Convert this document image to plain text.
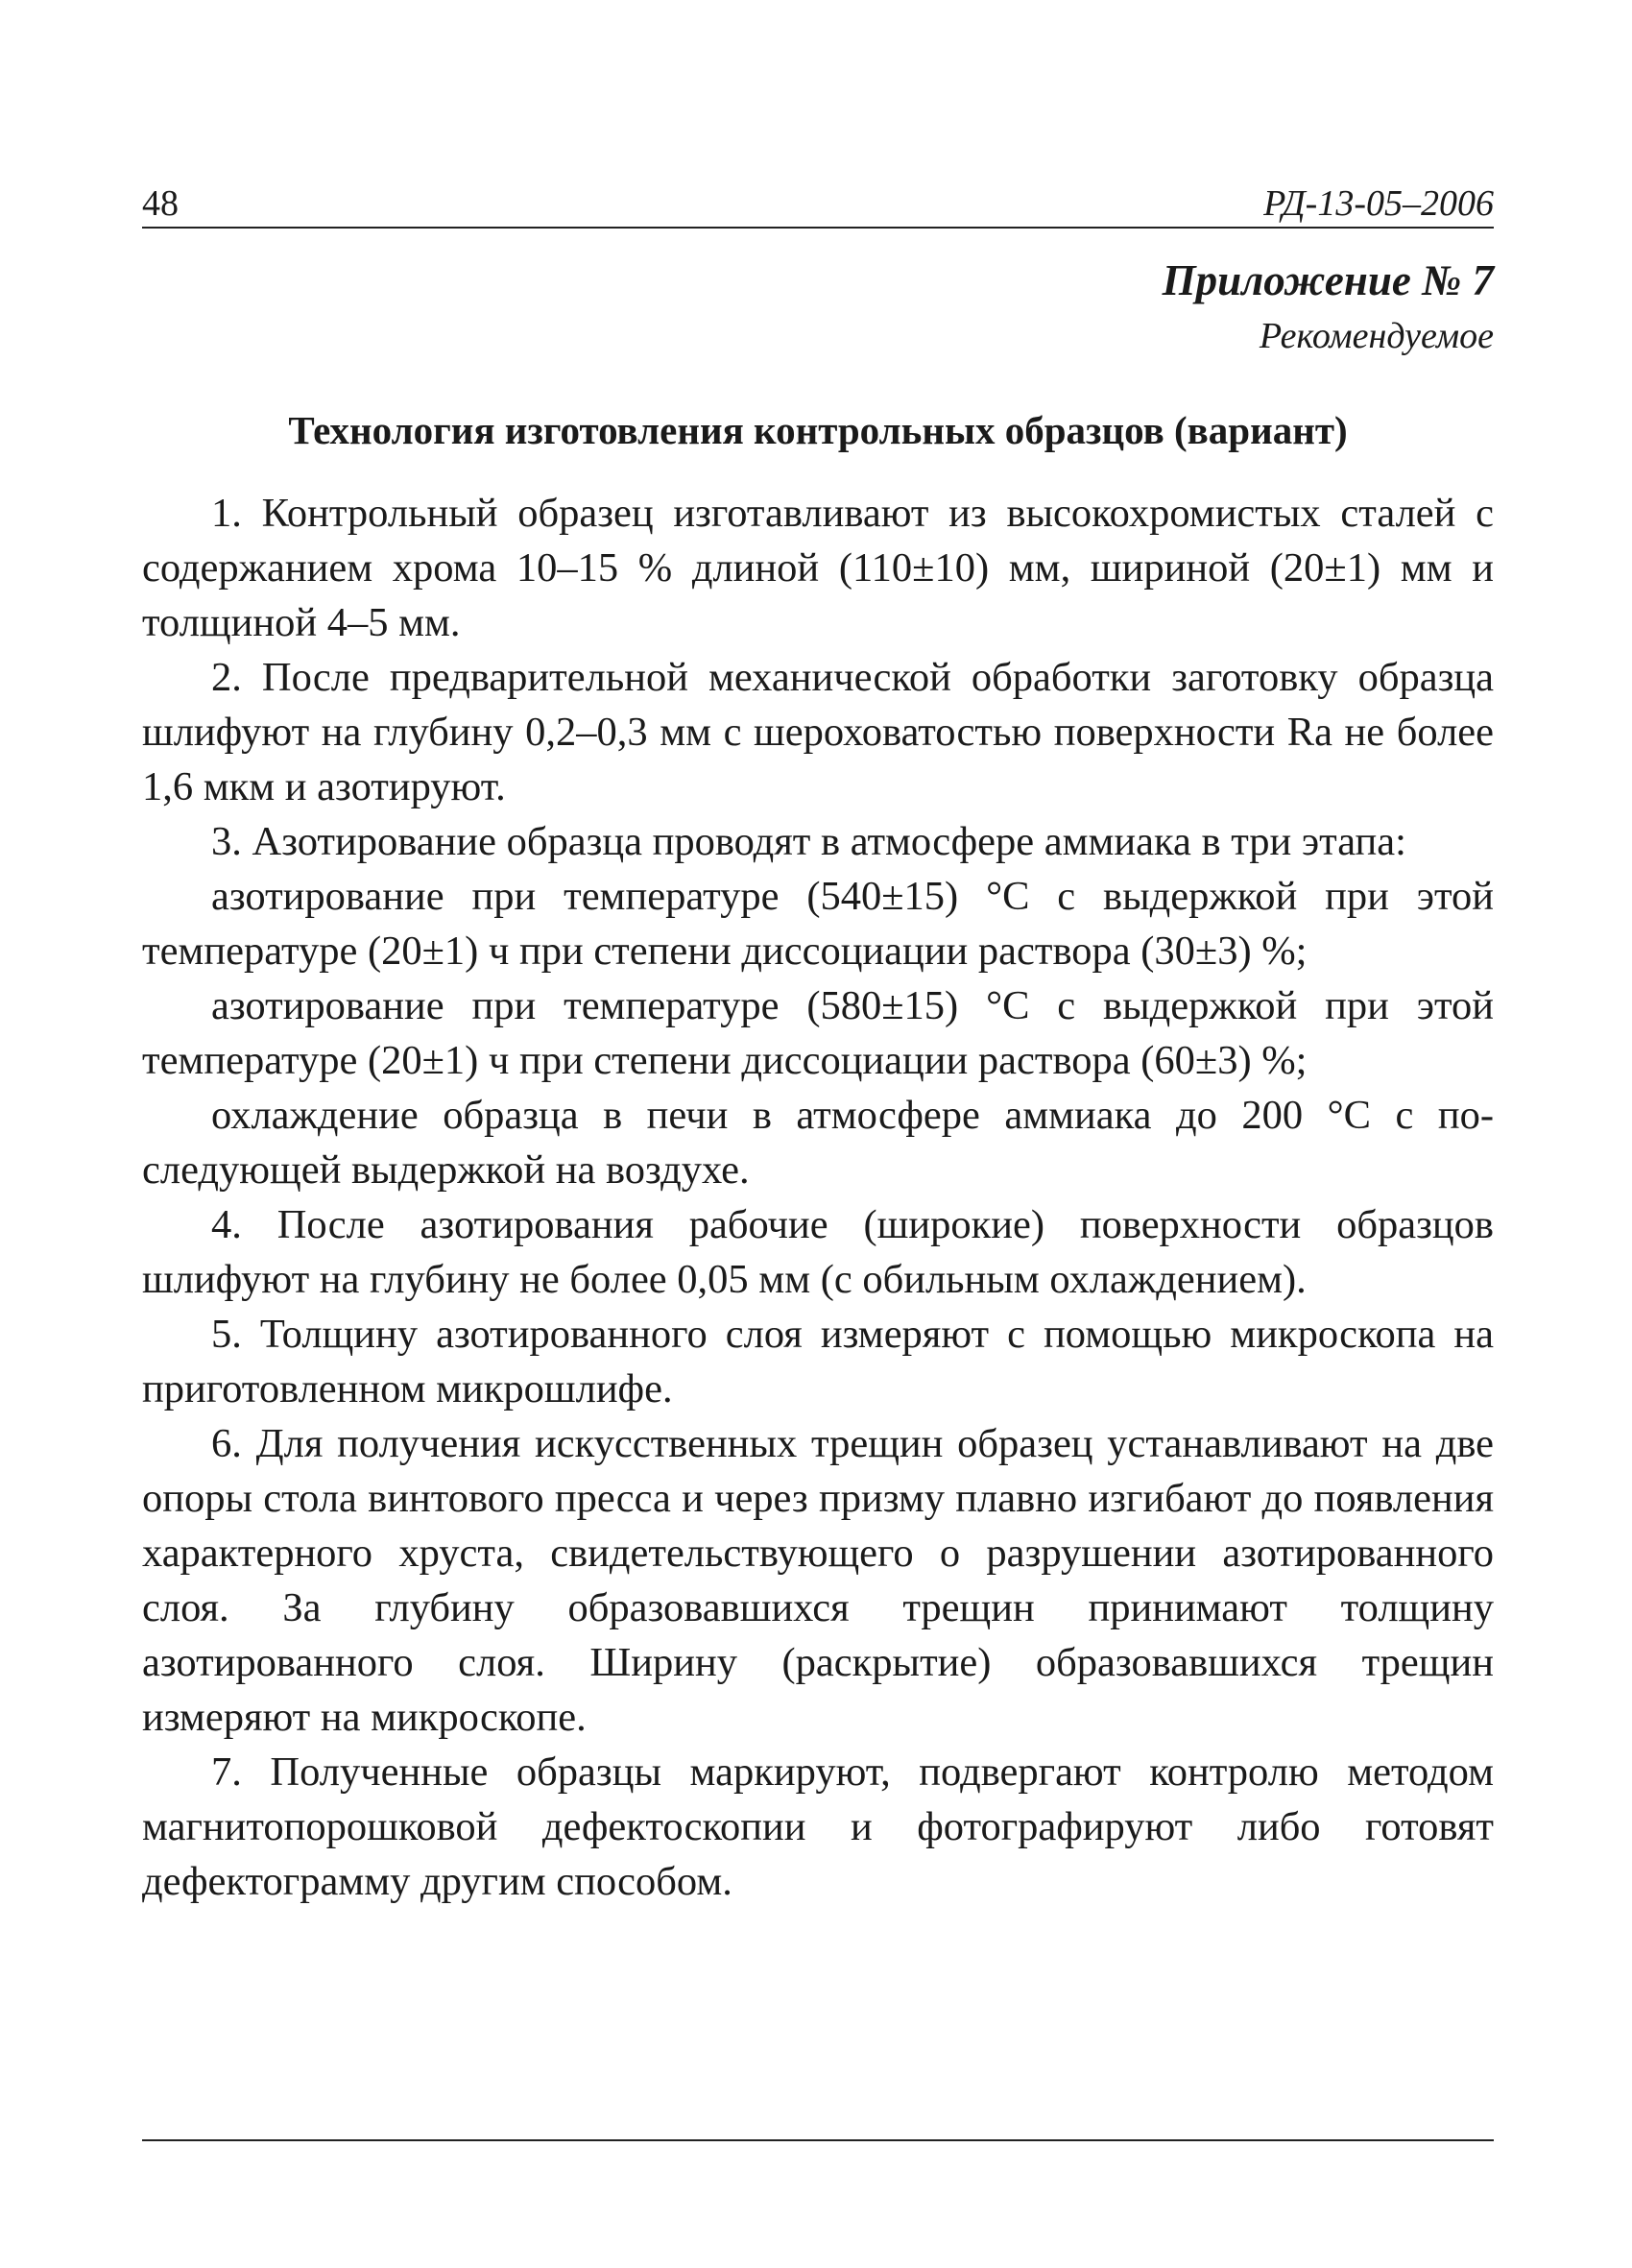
48	РД-13-05–2006
Приложение № 7
Рекомендуемое
Технология изготовления контрольных образцов (вариант)

1. Контрольный образец изготавливают из высокохромистых сталей с содержанием хрома 10–15 % длиной (110±10) мм, шириной (20±1) мм и толщиной 4–5 мм.

2. После предварительной механической обработки заготовку образца шлифуют на глубину 0,2–0,3 мм с шероховатостью поверхности Ra не более 1,6 мкм и азотируют.

3. Азотирование образца проводят в атмосфере аммиака в три этапа:

азотирование при температуре (540±15) °С с выдержкой при этой температуре (20±1) ч при степени диссоциации раствора (30±3) %;

азотирование при температуре (580±15) °С с выдержкой при этой температуре (20±1) ч при степени диссоциации раствора (60±3) %;

охлаждение образца в печи в атмосфере аммиака до 200 °С с последующей выдержкой на воздухе.

4. После азотирования рабочие (широкие) поверхности образцов шлифуют на глубину не более 0,05 мм (с обильным охлаждением).

5. Толщину азотированного слоя измеряют с помощью микроскопа на приготовленном микрошлифе.

6. Для получения искусственных трещин образец устанавливают на две опоры стола винтового пресса и через призму плавно изгибают до появления характерного хруста, свидетельствующего о разрушении азотированного слоя. За глубину образовавшихся трещин принимают толщину азотированного слоя. Ширину (раскрытие) образовавшихся трещин измеряют на микроскопе.

7. Полученные образцы маркируют, подвергают контролю методом магнитопорошковой дефектоскопии и фотографируют либо готовят дефектограмму другим способом.
